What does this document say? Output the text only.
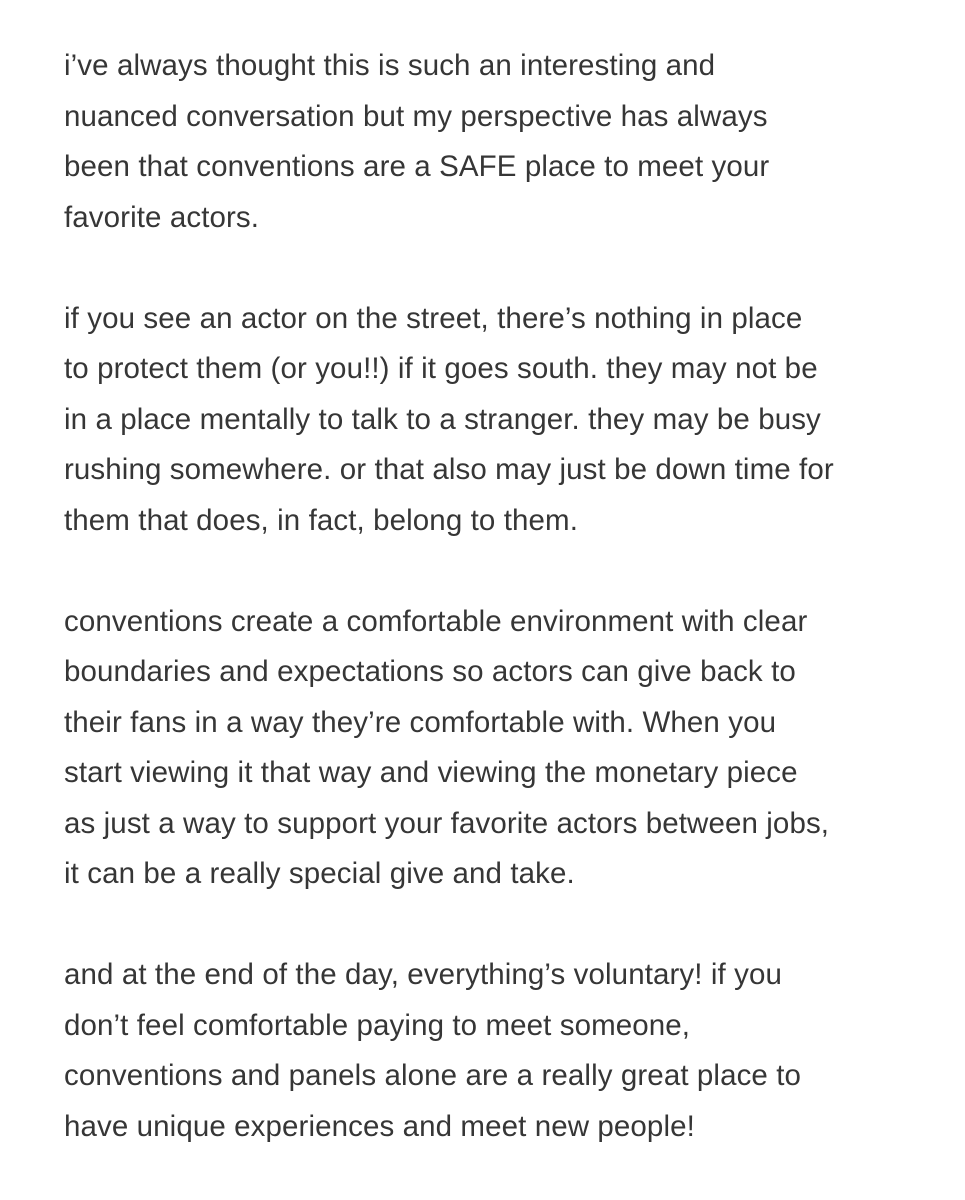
i’ve always thought this is such an interesting and
nuanced conversation but my perspective has always
been that conventions are a SAFE place to meet your
favorite actors.
if you see an actor on the street, there’s nothing in place
to protect them (or you!!) if it goes south. they may not be
in a place mentally to talk to a stranger. they may be busy
rushing somewhere. or that also may just be down time for
them that does, in fact, belong to them.
conventions create a comfortable environment with clear
boundaries and expectations so actors can give back to
their fans in a way they’re comfortable with. When you
start viewing it that way and viewing the monetary piece
as just a way to support your favorite actors between jobs,
it can be a really special give and take.
and at the end of the day, everything’s voluntary! if you
don’t feel comfortable paying to meet someone,
conventions and panels alone are a really great place to
have unique experiences and meet new people!
